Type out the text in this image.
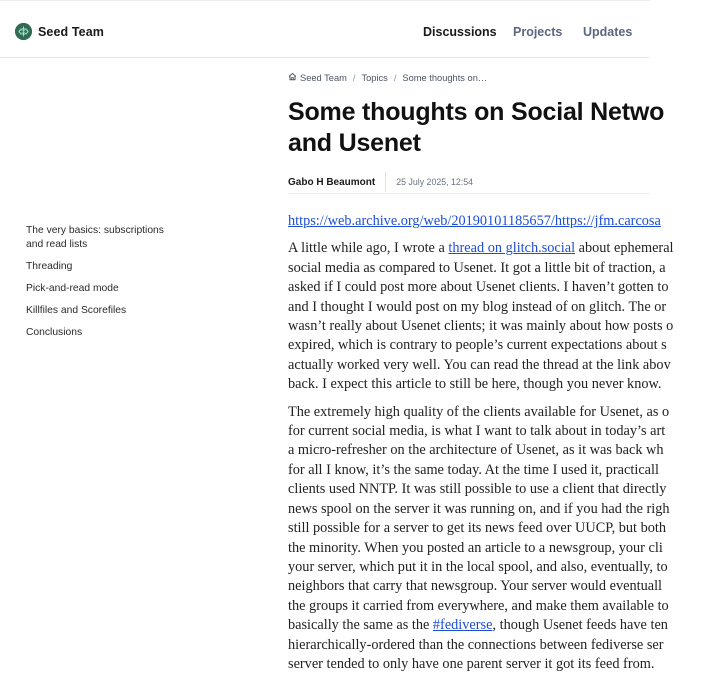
Seed Team	Discussions Projects Updates
The very basics: subscriptions and read lists
Threading
Pick-and-read mode
Killfiles and Scorefiles
Conclusions
Seed Team / Topics / Some thoughts on…
Some thoughts on Social Netwo
and Usenet
Gabo H Beaumont 25 July 2025, 12:54

https://web.archive.org/web/20190101185657/https://jfm.carcosa

A little while ago, I wrote a thread on glitch.social about ephemeral
social media as compared to Usenet. It got a little bit of traction, a
asked if I could post more about Usenet clients. I haven’t gotten to
and I thought I would post on my blog instead of on glitch. The or
wasn’t really about Usenet clients; it was mainly about how posts o
expired, which is contrary to people’s current expectations about s
actually worked very well. You can read the thread at the link abov
back. I expect this article to still be here, though you never know.

The extremely high quality of the clients available for Usenet, as o
for current social media, is what I want to talk about in today’s art
a micro-refresher on the architecture of Usenet, as it was back wh
for all I know, it’s the same today. At the time I used it, practicall
clients used NNTP. It was still possible to use a client that directly
news spool on the server it was running on, and if you had the righ
still possible for a server to get its news feed over UUCP, but both
the minority. When you posted an article to a newsgroup, your cli
your server, which put it in the local spool, and also, eventually, to
neighbors that carry that newsgroup. Your server would eventuall
the groups it carried from everywhere, and make them available to
basically the same as the #fediverse, though Usenet feeds have ten
hierarchically-ordered than the connections between fediverse ser
server tended to only have one parent server it got its feed from.
